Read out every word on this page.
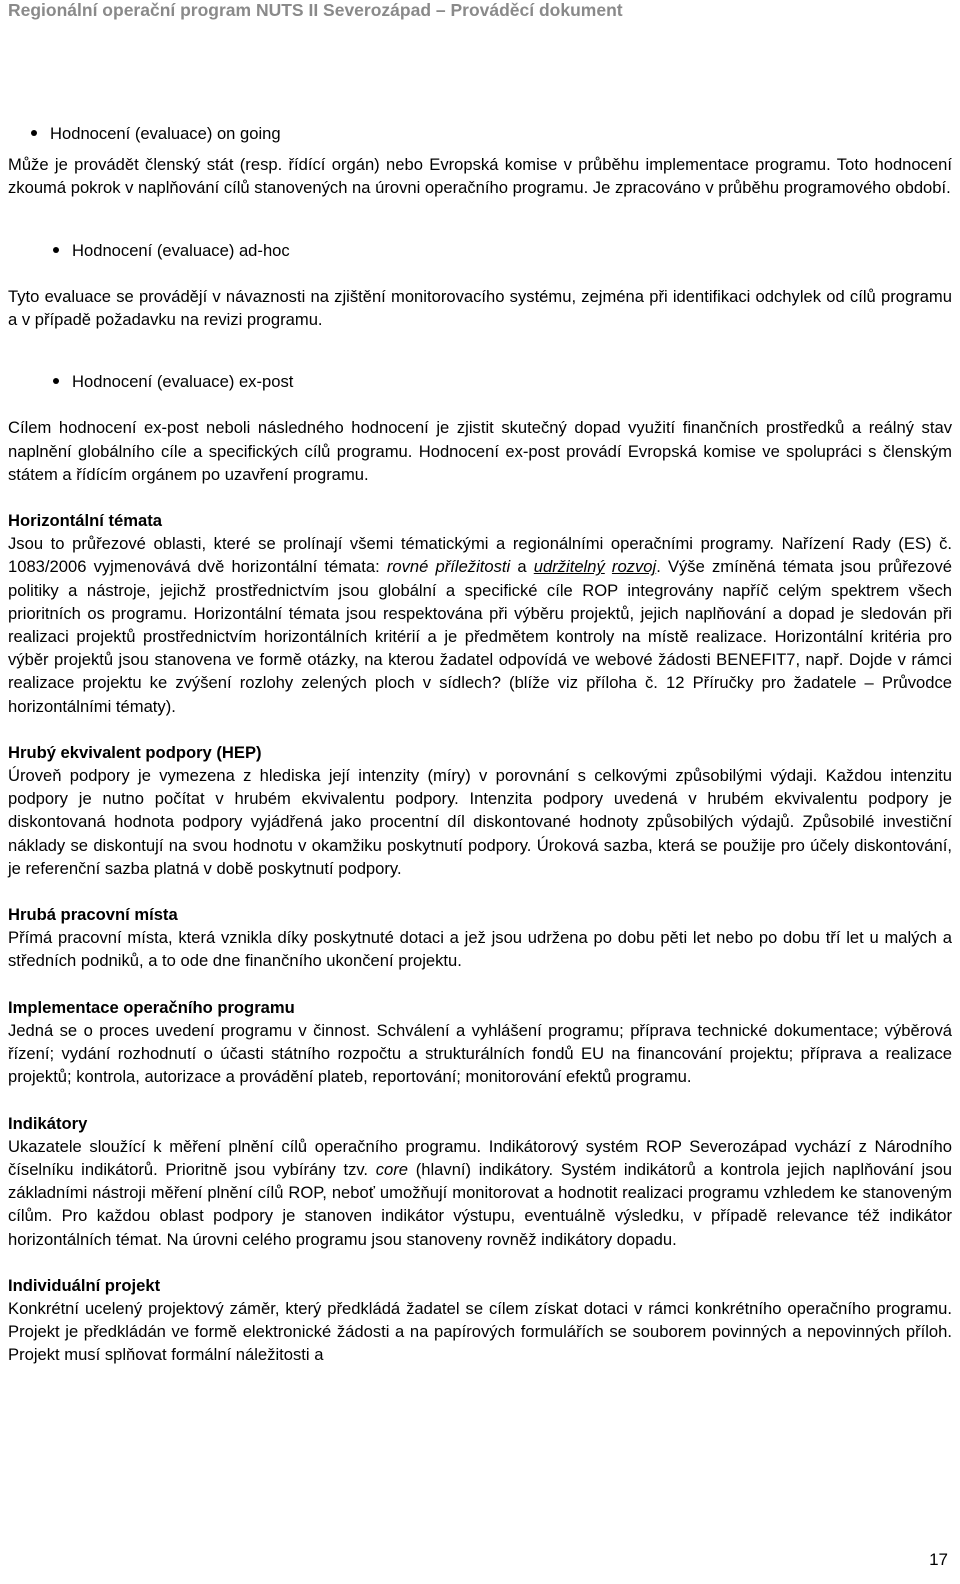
Regionální operační program NUTS II Severozápad – Prováděcí dokument
Hodnocení (evaluace) on going

Může je provádět členský stát (resp. řídící orgán) nebo Evropská komise v průběhu implementace programu. Toto hodnocení zkoumá pokrok v naplňování cílů stanovených na úrovni operačního programu. Je zpracováno v průběhu programového období.

Hodnocení (evaluace) ad-hoc

Tyto evaluace se provádějí v návaznosti na zjištění monitorovacího systému, zejména při identifikaci odchylek od cílů programu a v případě požadavku na revizi programu.

Hodnocení (evaluace) ex-post

Cílem hodnocení ex-post neboli následného hodnocení je zjistit skutečný dopad využití finančních prostředků a reálný stav naplnění globálního cíle a specifických cílů programu. Hodnocení ex-post provádí Evropská komise ve spolupráci s členským státem a řídícím orgánem po uzavření programu.

Horizontální témata

Jsou to průřezové oblasti, které se prolínají všemi tématickými a regionálními operačními programy. Nařízení Rady (ES) č. 1083/2006 vyjmenovává dvě horizontální témata: rovné příležitosti a udržitelný rozvoj. Výše zmíněná témata jsou průřezové politiky a nástroje, jejichž prostřednictvím jsou globální a specifické cíle ROP integrovány napříč celým spektrem všech prioritních os programu. Horizontální témata jsou respektována při výběru projektů, jejich naplňování a dopad je sledován při realizaci projektů prostřednictvím horizontálních kritérií a je předmětem kontroly na místě realizace. Horizontální kritéria pro výběr projektů jsou stanovena ve formě otázky, na kterou žadatel odpovídá ve webové žádosti BENEFIT7, např. Dojde v rámci realizace projektu ke zvýšení rozlohy zelených ploch v sídlech? (blíže viz příloha č. 12 Příručky pro žadatele – Průvodce horizontálními tématy).

Hrubý ekvivalent podpory (HEP)

Úroveň podpory je vymezena z hlediska její intenzity (míry) v porovnání s celkovými způsobilými výdaji. Každou intenzitu podpory je nutno počítat v hrubém ekvivalentu podpory. Intenzita podpory uvedená v hrubém ekvivalentu podpory je diskontovaná hodnota podpory vyjádřená jako procentní díl diskontované hodnoty způsobilých výdajů. Způsobilé investiční náklady se diskontují na svou hodnotu v okamžiku poskytnutí podpory. Úroková sazba, která se použije pro účely diskontování, je referenční sazba platná v době poskytnutí podpory.

Hrubá pracovní místa

Přímá pracovní místa, která vznikla díky poskytnuté dotaci a jež jsou udržena po dobu pěti let nebo po dobu tří let u malých a středních podniků, a to ode dne finančního ukončení projektu.

Implementace operačního programu

Jedná se o proces uvedení programu v činnost. Schválení a vyhlášení programu; příprava technické dokumentace; výběrová řízení; vydání rozhodnutí o účasti státního rozpočtu a strukturálních fondů EU na financování projektu; příprava a realizace projektů; kontrola, autorizace a provádění plateb, reportování; monitorování efektů programu.

Indikátory

Ukazatele sloužící k měření plnění cílů operačního programu. Indikátorový systém ROP Severozápad vychází z Národního číselníku indikátorů. Prioritně jsou vybírány tzv. core (hlavní) indikátory. Systém indikátorů a kontrola jejich naplňování jsou základními nástroji měření plnění cílů ROP, neboť umožňují monitorovat a hodnotit realizaci programu vzhledem ke stanoveným cílům. Pro každou oblast podpory je stanoven indikátor výstupu, eventuálně výsledku, v případě relevance též indikátor horizontálních témat. Na úrovni celého programu jsou stanoveny rovněž indikátory dopadu.

Individuální projekt

Konkrétní ucelený projektový záměr, který předkládá žadatel se cílem získat dotaci v rámci konkrétního operačního programu. Projekt je předkládán ve formě elektronické žádosti a na papírových formulářích se souborem povinných a nepovinných příloh. Projekt musí splňovat formální náležitosti a

17
